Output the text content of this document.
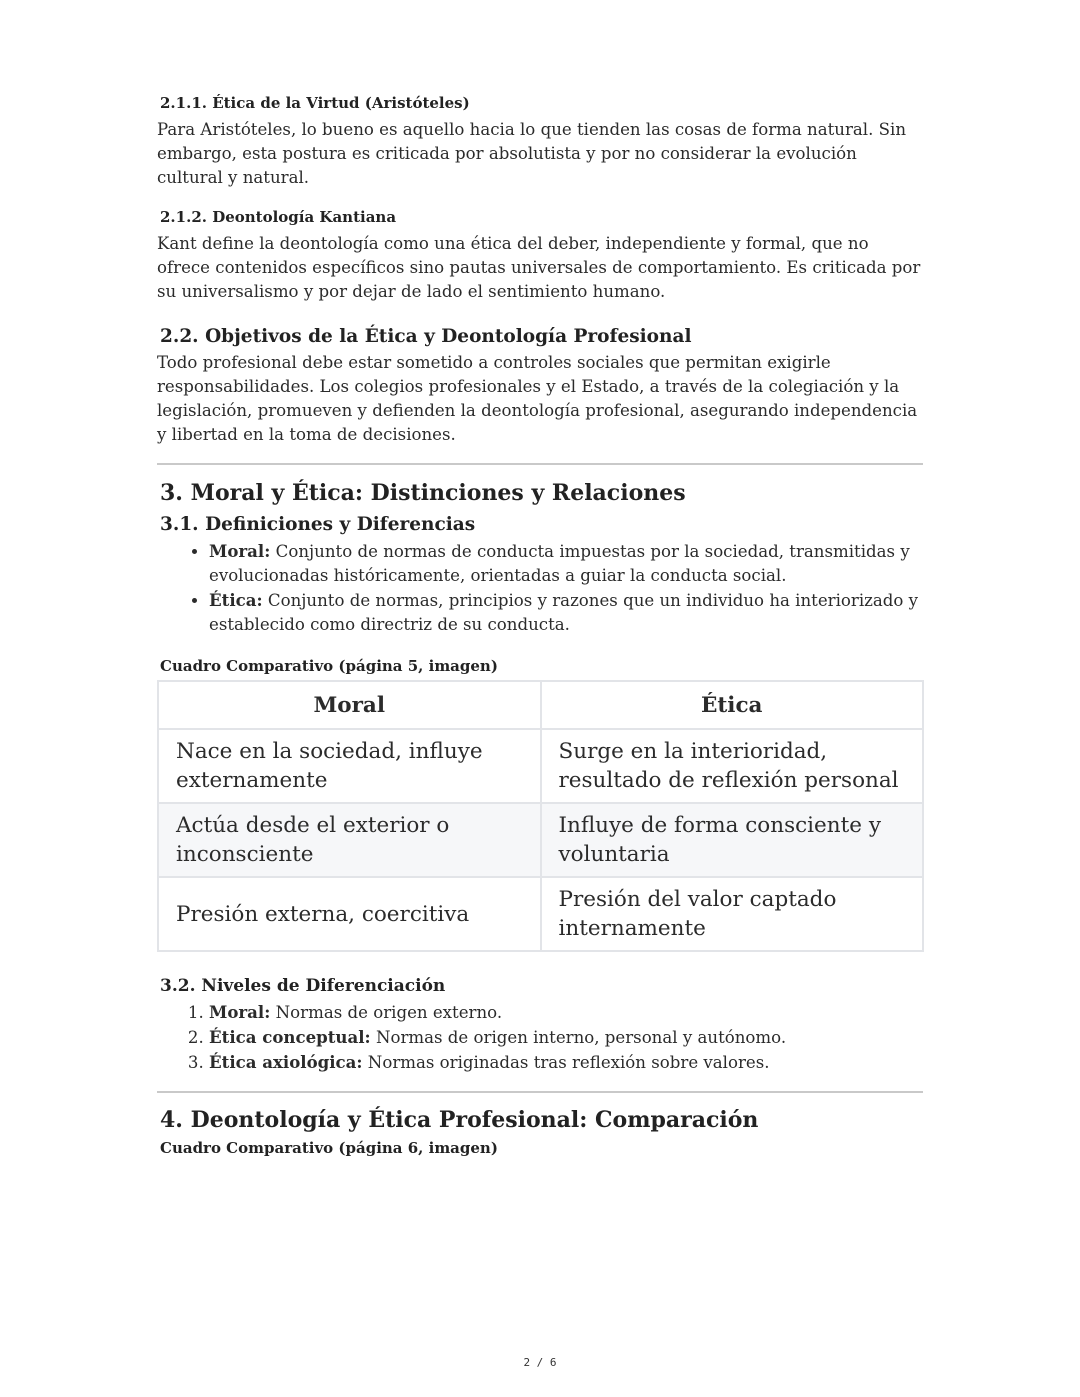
2.1.1. Ética de la Virtud (Aristóteles)

Para Aristóteles, lo bueno es aquello hacia lo que tienden las cosas de forma natural. Sin embargo, esta postura es criticada por absolutista y por no considerar la evolución cultural y natural.

2.1.2. Deontología Kantiana

Kant define la deontología como una ética del deber, independiente y formal, que no ofrece contenidos específicos sino pautas universales de comportamiento. Es criticada por su universalismo y por dejar de lado el sentimiento humano.

2.2. Objetivos de la Ética y Deontología Profesional

Todo profesional debe estar sometido a controles sociales que permitan exigirle responsabilidades. Los colegios profesionales y el Estado, a través de la colegiación y la legislación, promueven y defienden la deontología profesional, asegurando independencia y libertad en la toma de decisiones.

3. Moral y Ética: Distinciones y Relaciones
3.1. Definiciones y Diferencias
• Moral: Conjunto de normas de conducta impuestas por la sociedad, transmitidas y evolucionadas históricamente, orientadas a guiar la conducta social.
• Ética: Conjunto de normas, principios y razones que un individuo ha interiorizado y establecido como directriz de su conducta.
Cuadro Comparativo (página 5, imagen)
Moral	Ética
Nace en la sociedad, influye externamente	Surge en la interioridad, resultado de reflexión personal
Actúa desde el exterior o inconsciente	Influye de forma consciente y voluntaria
Presión externa, coercitiva	Presión del valor captado internamente
3.2. Niveles de Diferenciación
1. Moral: Normas de origen externo.
2. Ética conceptual: Normas de origen interno, personal y autónomo.
3. Ética axiológica: Normas originadas tras reflexión sobre valores.
4. Deontología y Ética Profesional: Comparación
Cuadro Comparativo (página 6, imagen)
2 / 6
